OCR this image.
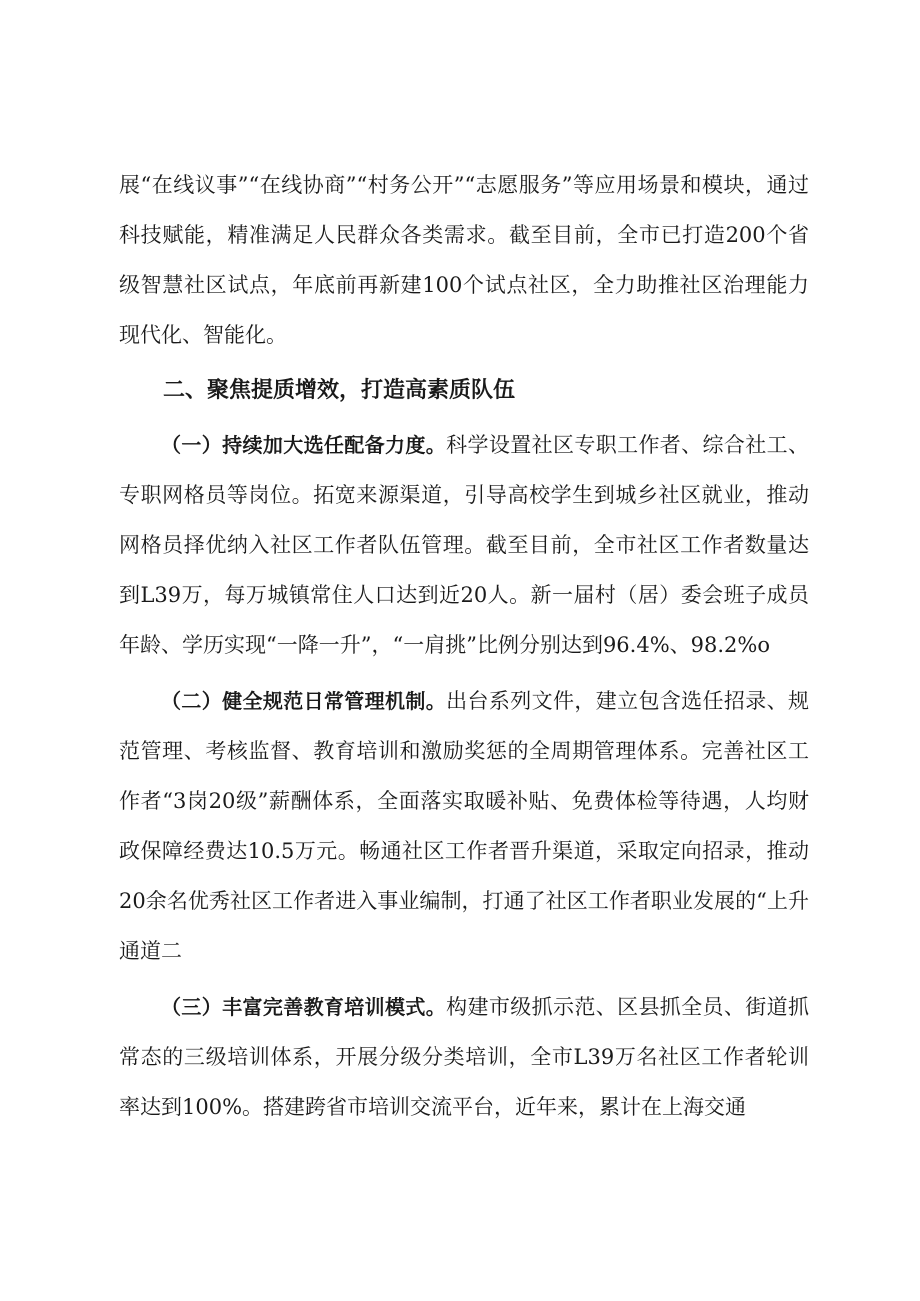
展“在线议事”“在线协商”“村务公开”“志愿服务”等应用场景和模块，通过科技赋能，精准满足人民群众各类需求。截至目前，全市已打造200个省级智慧社区试点，年底前再新建100个试点社区，全力助推社区治理能力现代化、智能化。

二、聚焦提质增效，打造高素质队伍

（一）持续加大选任配备力度。科学设置社区专职工作者、综合社工、专职网格员等岗位。拓宽来源渠道，引导高校学生到城乡社区就业，推动网格员择优纳入社区工作者队伍管理。截至目前，全市社区工作者数量达到L39万，每万城镇常住人口达到近20人。新一届村（居）委会班子成员年龄、学历实现“一降一升”，“一肩挑”比例分别达到96.4%、98.2%o

（二）健全规范日常管理机制。出台系列文件，建立包含选任招录、规范管理、考核监督、教育培训和激励奖惩的全周期管理体系。完善社区工作者“3岗20级”薪酬体系，全面落实取暖补贴、免费体检等待遇，人均财政保障经费达10.5万元。畅通社区工作者晋升渠道，采取定向招录，推动20余名优秀社区工作者进入事业编制，打通了社区工作者职业发展的“上升通道二

（三）丰富完善教育培训模式。构建市级抓示范、区县抓全员、街道抓常态的三级培训体系，开展分级分类培训，全市L39万名社区工作者轮训率达到100%。搭建跨省市培训交流平台，近年来，累计在上海交通
